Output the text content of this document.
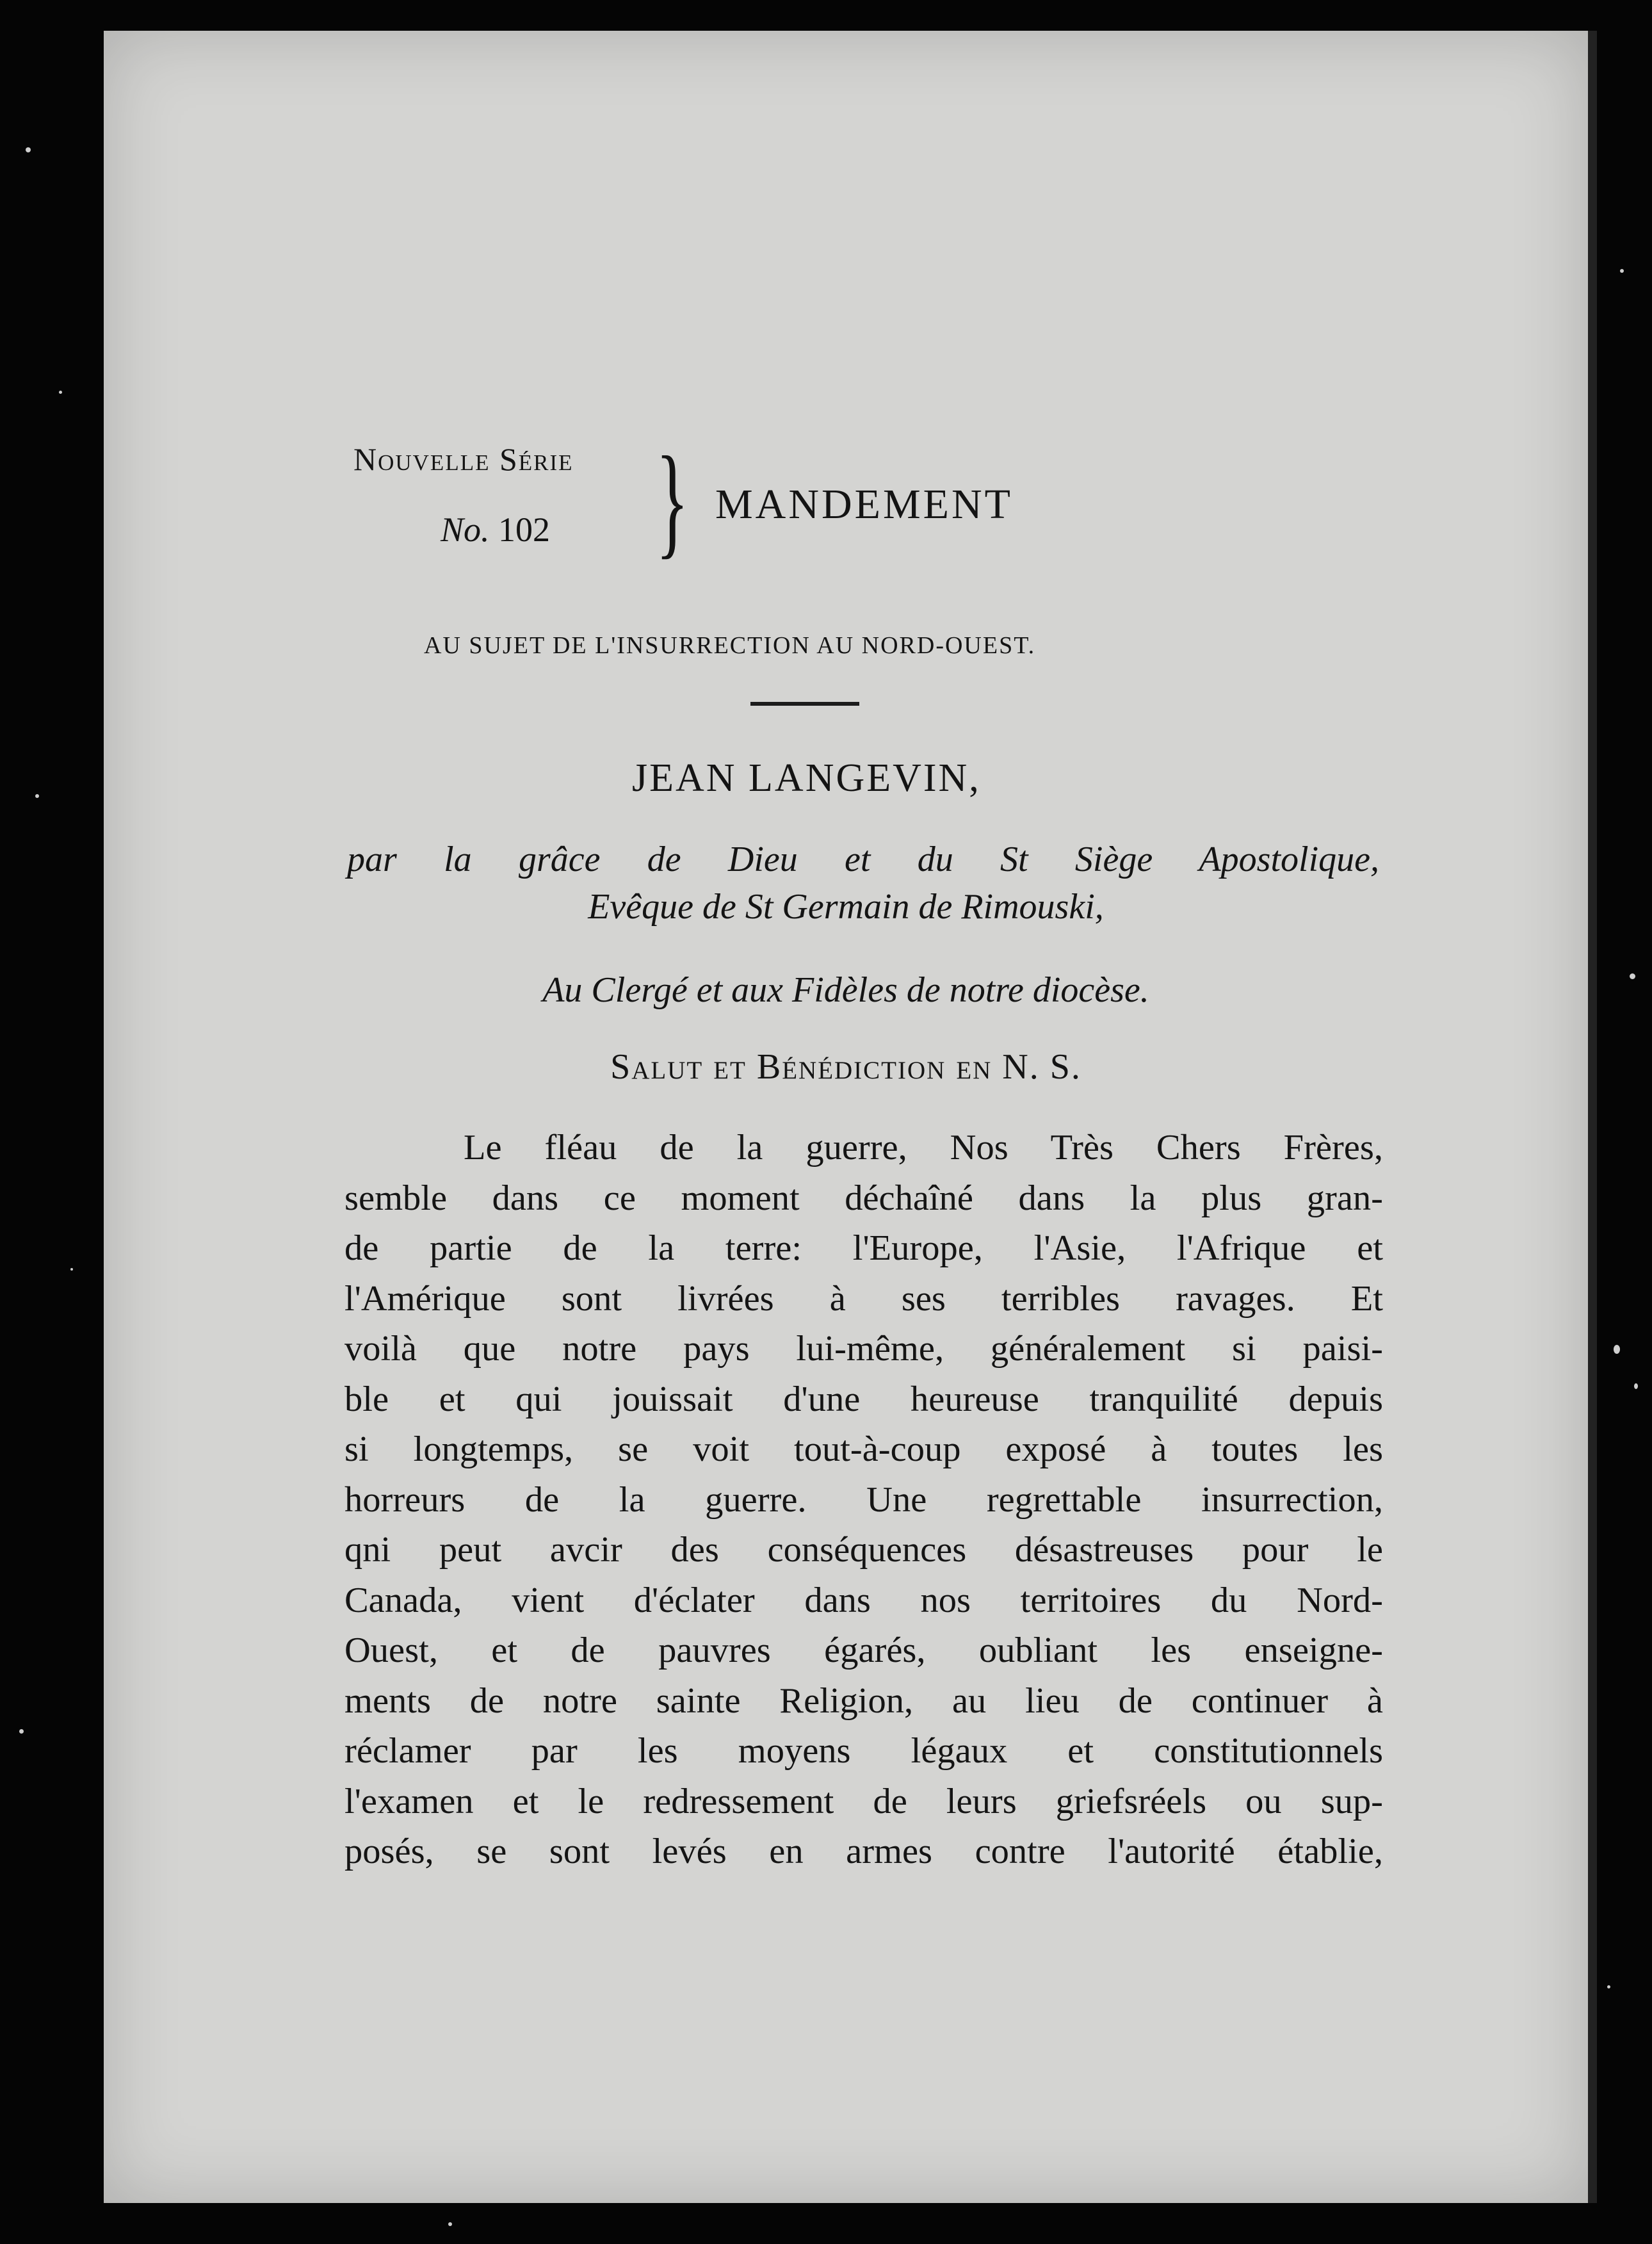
Nouvelle Série
No. 102 } MANDEMENT
AU SUJET DE L'INSURRECTION AU NORD-OUEST.
JEAN LANGEVIN,
par la grâce de Dieu et du St Siège Apostolique,
Evêque de St Germain de Rimouski,
Au Clergé et aux Fidèles de notre diocèse.
Salut et Bénédiction en N. S.
Le fléau de la guerre, Nos Très Chers Frères,
semble dans ce moment déchaîné dans la plus gran-
de partie de la terre: l'Europe, l'Asie, l'Afrique et
l'Amérique sont livrées à ses terribles ravages. Et
voilà que notre pays lui-même, généralement si paisi-
ble et qui jouissait d'une heureuse tranquilité depuis
si longtemps, se voit tout-à-coup exposé à toutes les
horreurs de la guerre. Une regrettable insurrection,
qni peut avcir des conséquences désastreuses pour le
Canada, vient d'éclater dans nos territoires du Nord-
Ouest, et de pauvres égarés, oubliant les enseigne-
ments de notre sainte Religion, au lieu de continuer à
réclamer par les moyens légaux et constitutionnels
l'examen et le redressement de leurs griefsréels ou sup-
posés, se sont levés en armes contre l'autorité établie,
